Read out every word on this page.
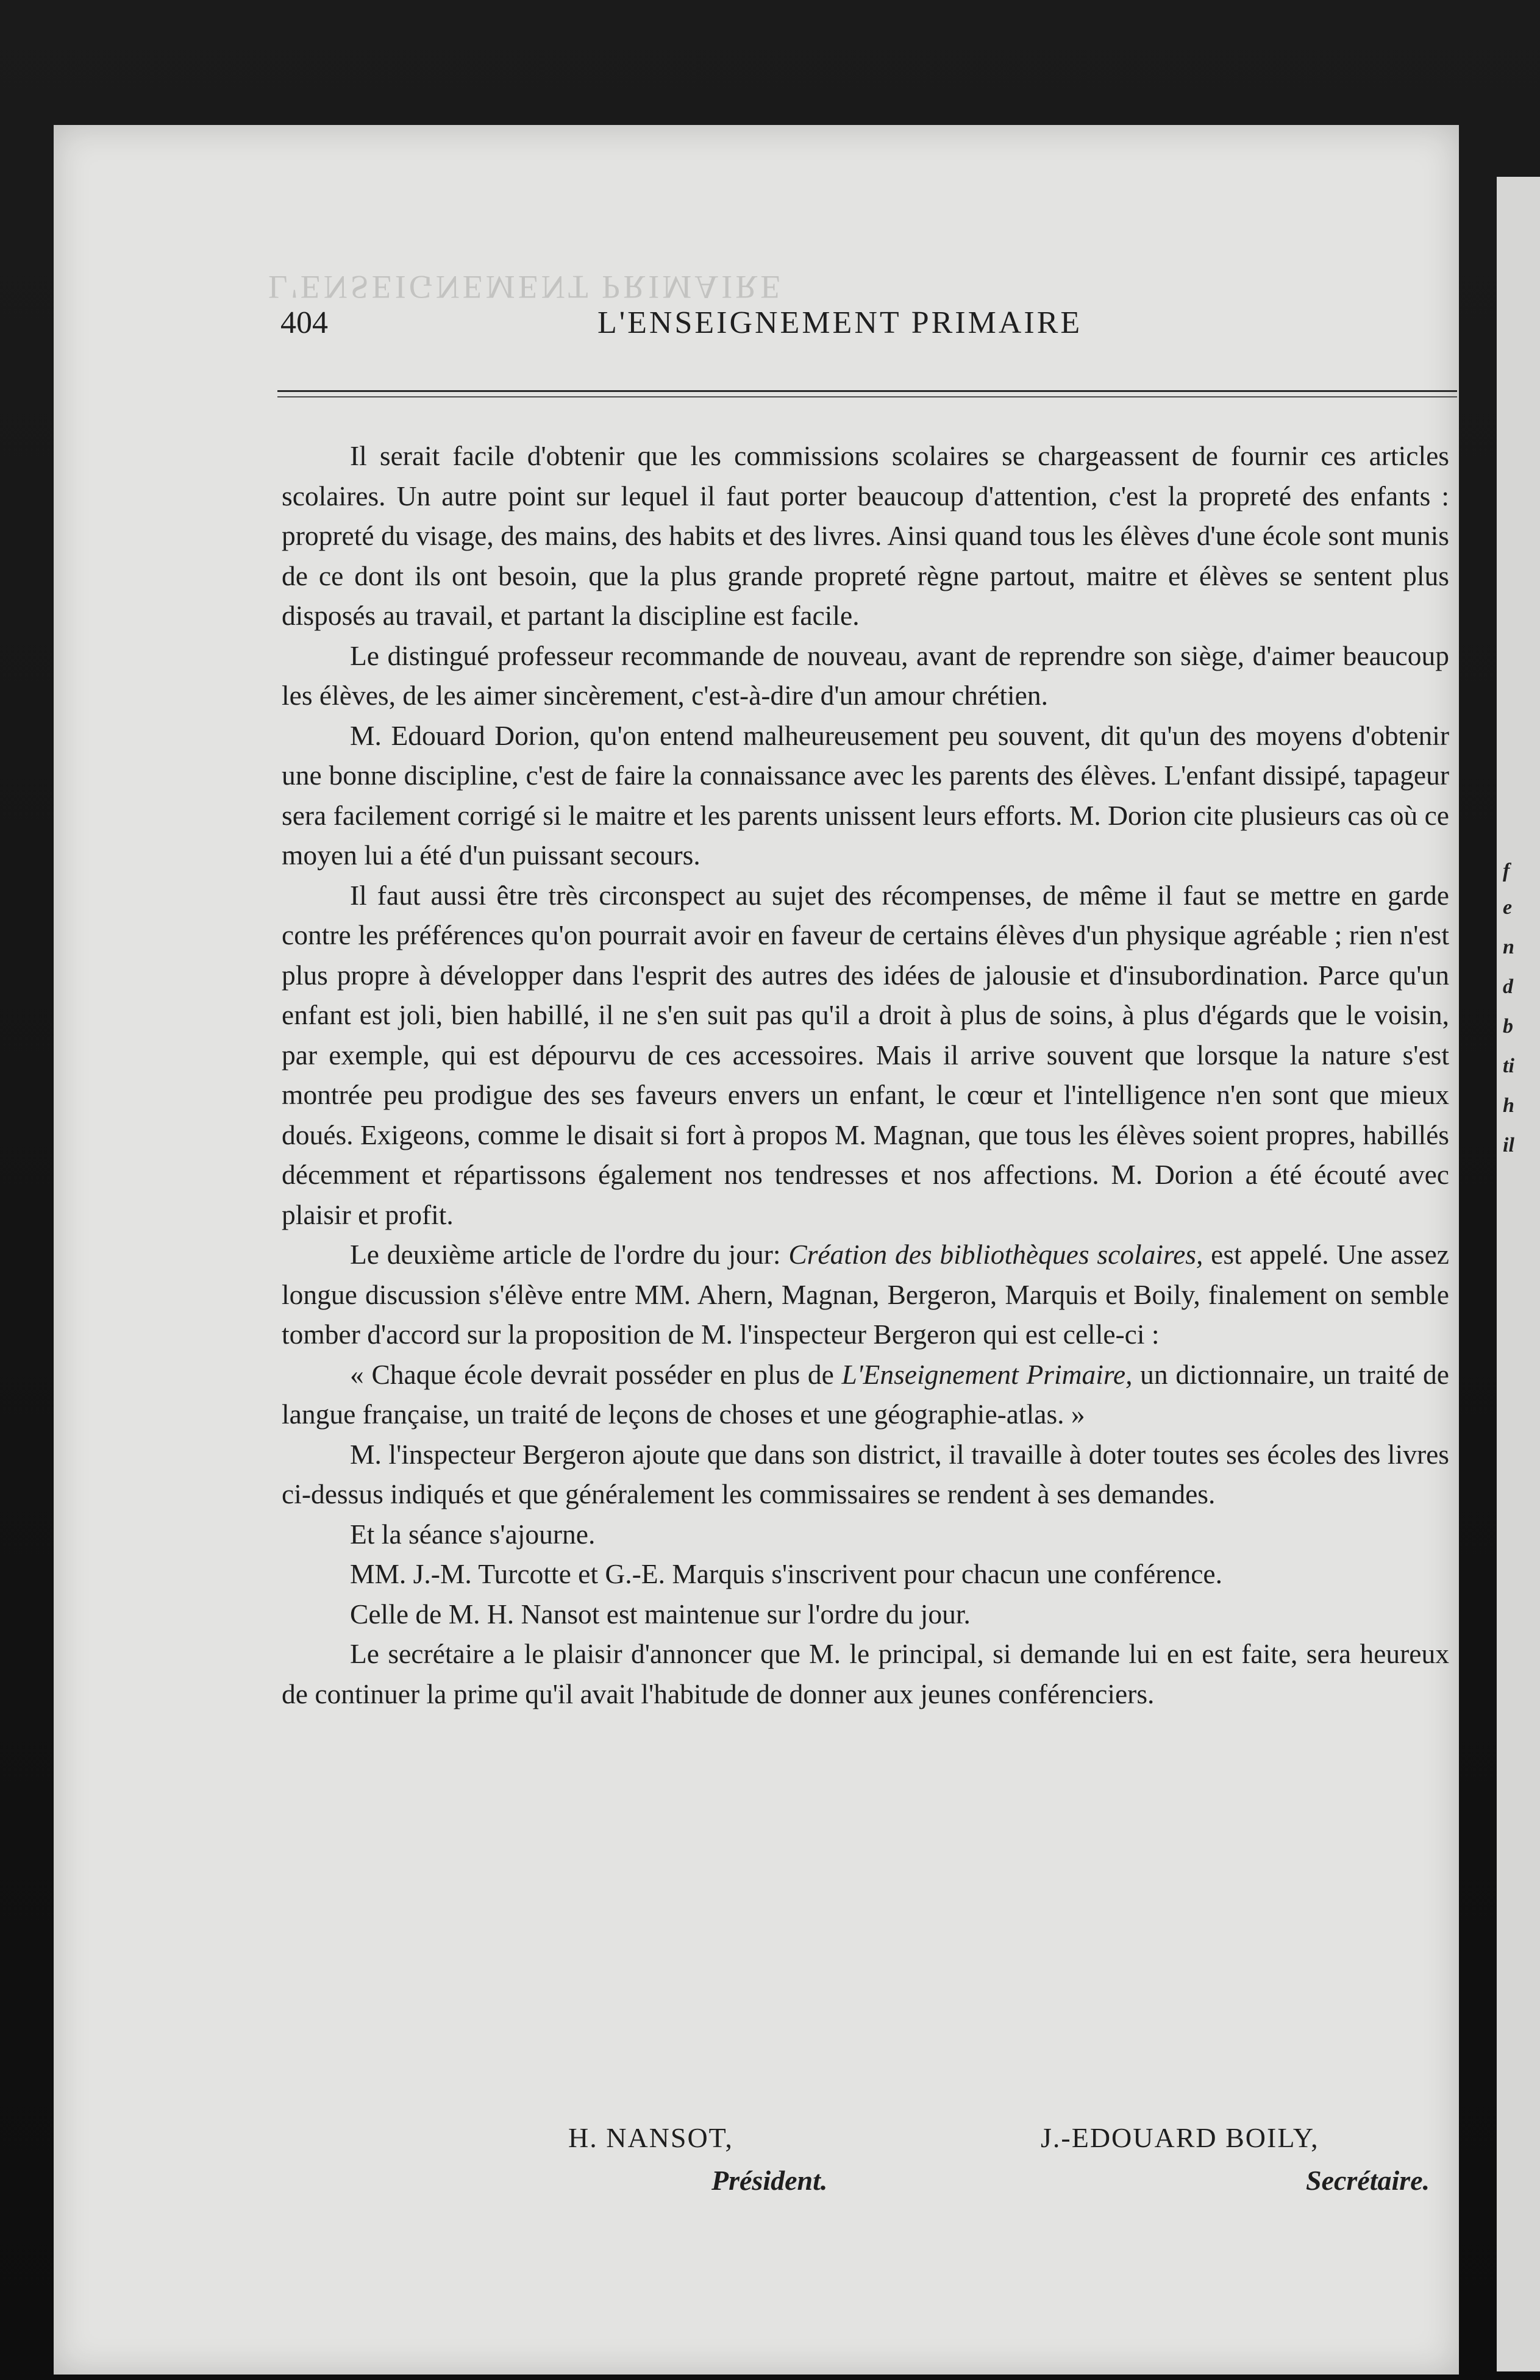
f
e
n
d
b
ti
h
il
L'ENSEIGNEMENT PRIMAIRE
404	L'ENSEIGNEMENT PRIMAIRE

Il serait facile d'obtenir que les commissions scolaires se chargeassent de fournir ces articles scolaires. Un autre point sur lequel il faut porter beaucoup d'attention, c'est la propreté des enfants : propreté du visage, des mains, des habits et des livres. Ainsi quand tous les élèves d'une école sont munis de ce dont ils ont besoin, que la plus grande propreté règne partout, maitre et élèves se sentent plus disposés au travail, et partant la discipline est facile.

Le distingué professeur recommande de nouveau, avant de reprendre son siège, d'aimer beaucoup les élèves, de les aimer sincèrement, c'est-à-dire d'un amour chrétien.

M. Edouard Dorion, qu'on entend malheureusement peu souvent, dit qu'un des moyens d'obtenir une bonne discipline, c'est de faire la connaissance avec les parents des élèves. L'enfant dissipé, tapageur sera facilement corrigé si le maitre et les parents unissent leurs efforts. M. Dorion cite plusieurs cas où ce moyen lui a été d'un puissant secours.

Il faut aussi être très circonspect au sujet des récompenses, de même il faut se mettre en garde contre les préférences qu'on pourrait avoir en faveur de certains élèves d'un physique agréable ; rien n'est plus propre à développer dans l'esprit des autres des idées de jalousie et d'insubordination. Parce qu'un enfant est joli, bien habillé, il ne s'en suit pas qu'il a droit à plus de soins, à plus d'égards que le voisin, par exemple, qui est dépourvu de ces accessoires. Mais il arrive souvent que lorsque la nature s'est montrée peu prodigue des ses faveurs envers un enfant, le cœur et l'intelligence n'en sont que mieux doués. Exigeons, comme le disait si fort à propos M. Magnan, que tous les élèves soient propres, habillés décemment et répartissons également nos tendresses et nos affections. M. Dorion a été écouté avec plaisir et profit.

Le deuxième article de l'ordre du jour: Création des bibliothèques scolaires, est appelé. Une assez longue discussion s'élève entre MM. Ahern, Magnan, Bergeron, Marquis et Boily, finalement on semble tomber d'accord sur la proposition de M. l'inspecteur Bergeron qui est celle-ci :

« Chaque école devrait posséder en plus de L'Enseignement Primaire, un dictionnaire, un traité de langue française, un traité de leçons de choses et une géographie-atlas. »

M. l'inspecteur Bergeron ajoute que dans son district, il travaille à doter toutes ses écoles des livres ci-dessus indiqués et que généralement les commissaires se rendent à ses demandes.

Et la séance s'ajourne.

MM. J.-M. Turcotte et G.-E. Marquis s'inscrivent pour chacun une conférence.

Celle de M. H. Nansot est maintenue sur l'ordre du jour.

Le secrétaire a le plaisir d'annoncer que M. le principal, si demande lui en est faite, sera heureux de continuer la prime qu'il avait l'habitude de donner aux jeunes conférenciers.

H. NANSOT,
Président.
J.-EDOUARD BOILY,
Secrétaire.
